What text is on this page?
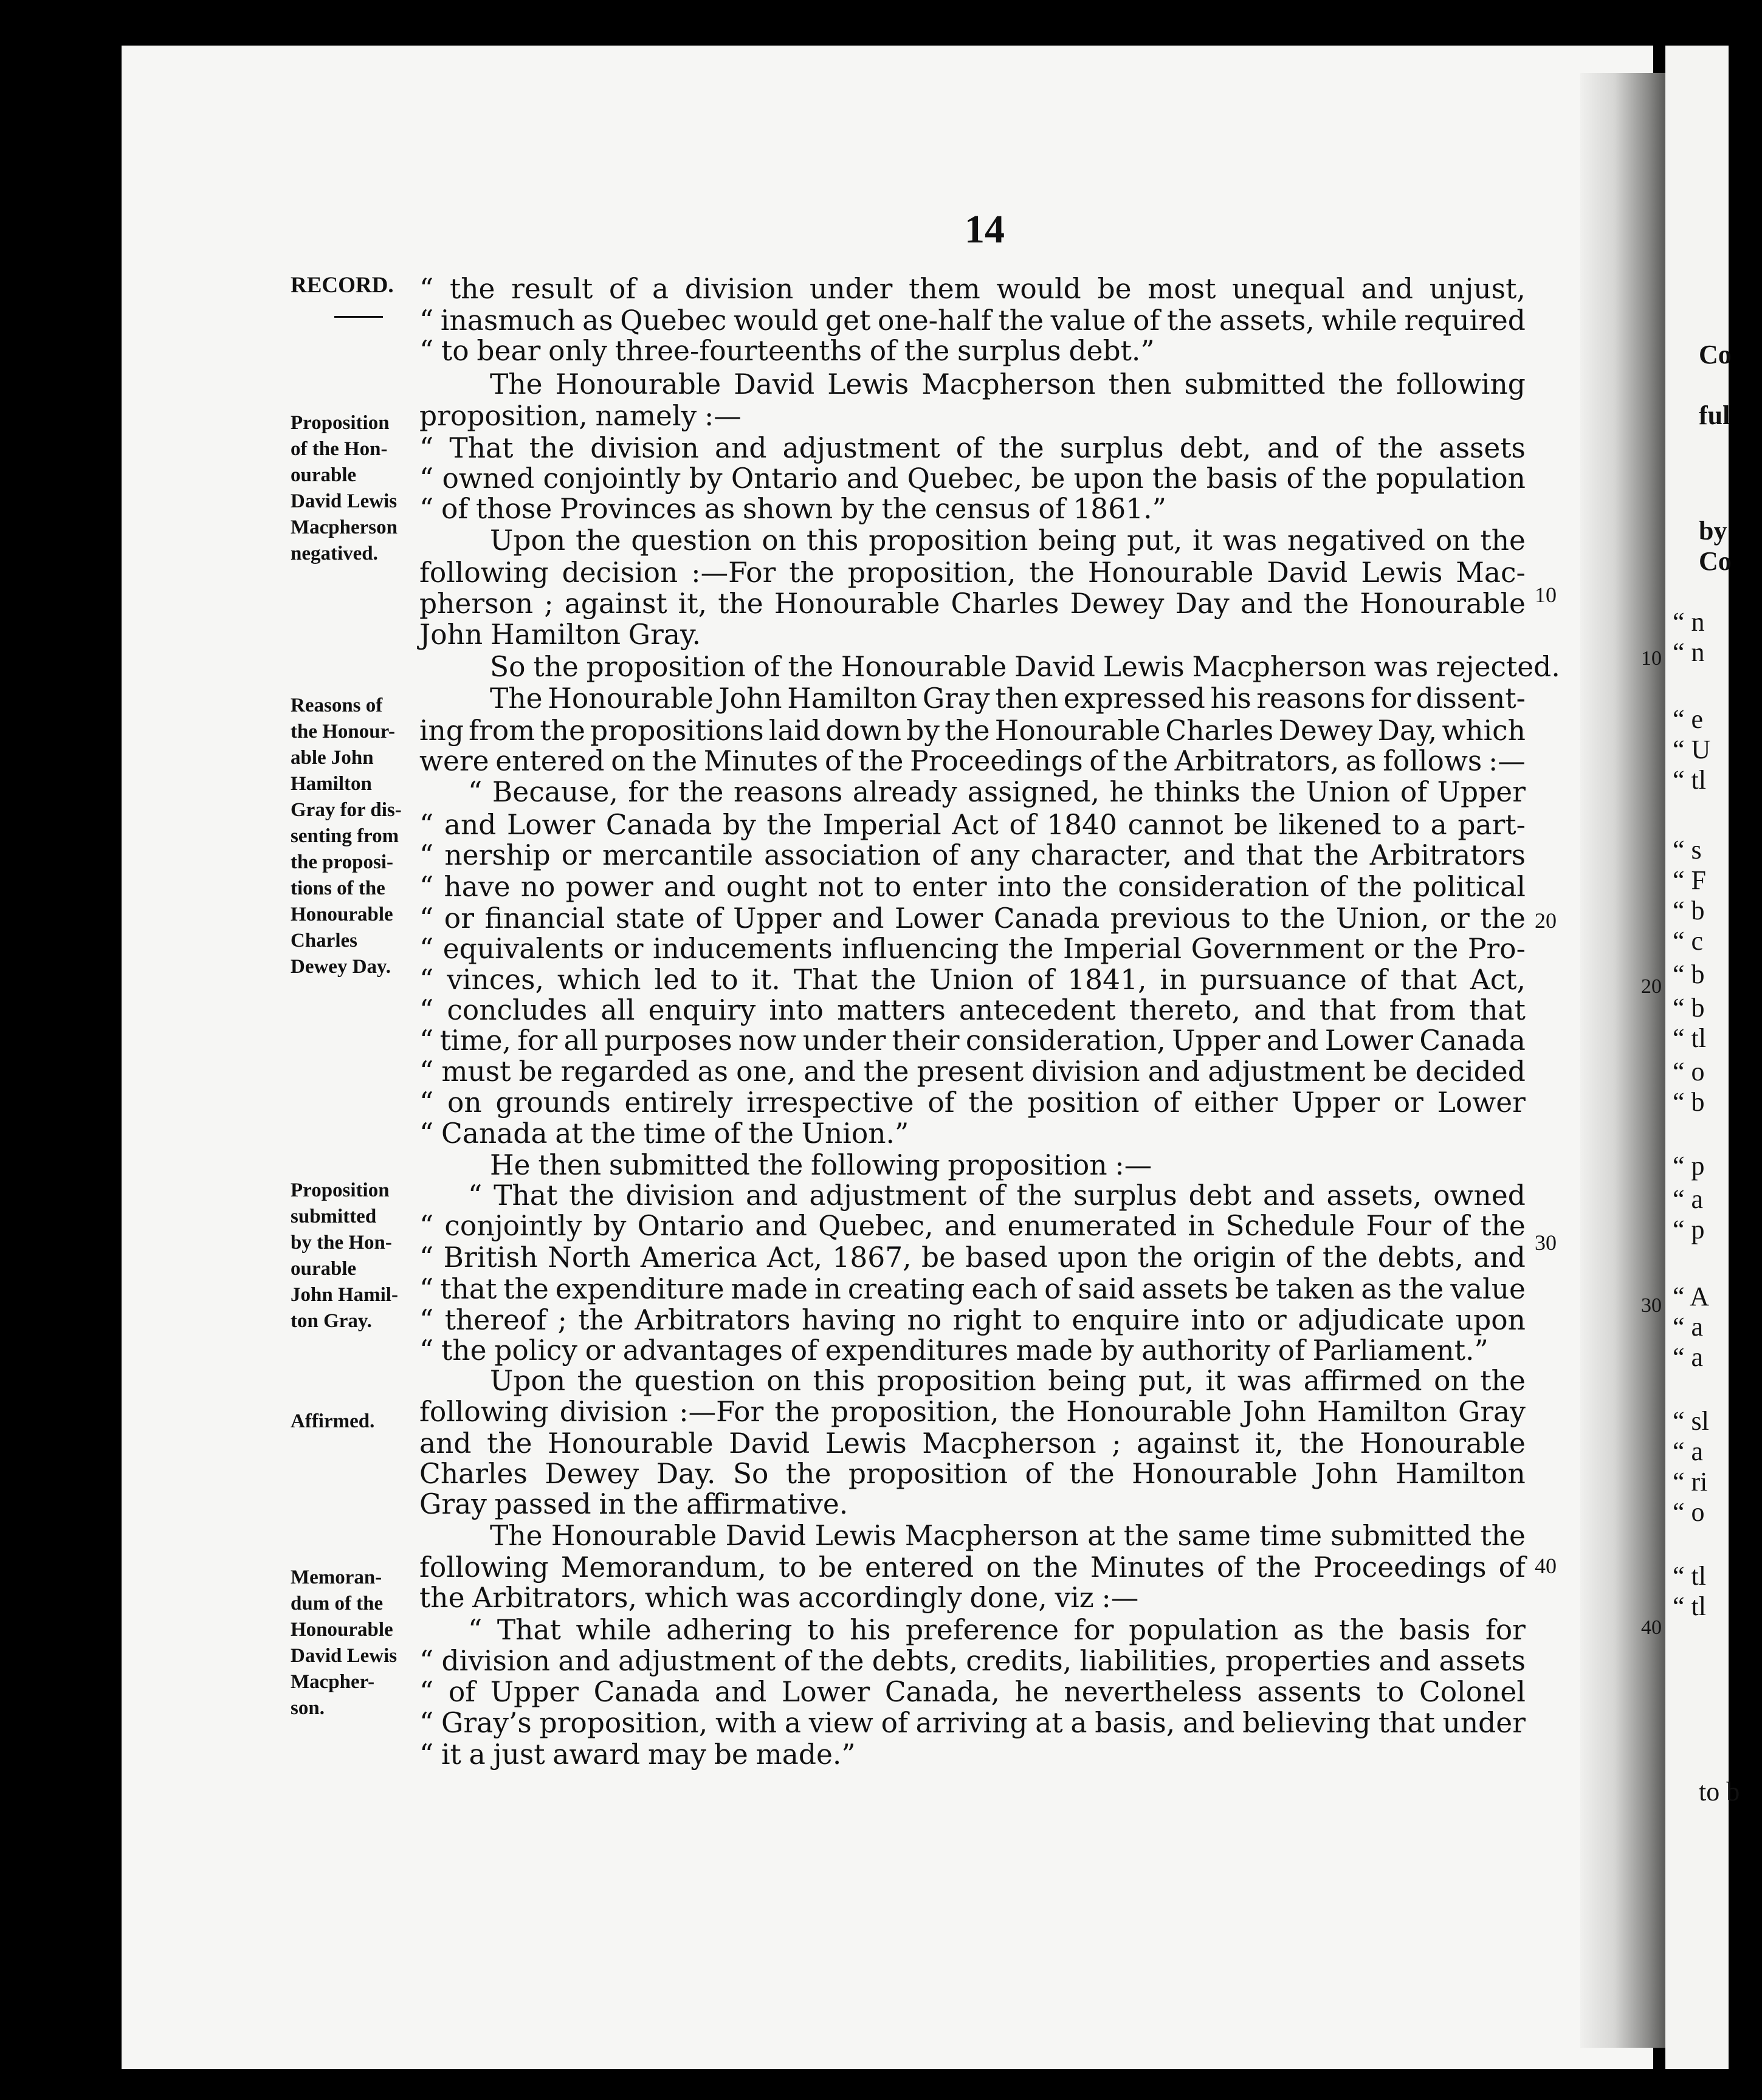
Co
ful
by
Co
“ n
“ n
“ e
“ U
“ tl
“ s
“ F
“ b
“ c
“ b
“ b
“ tl
“ o
“ b
“ p
“ a
“ p
“ A
“ a
“ a
“ sl
“ a
“ ri
“ o
“ tl
“ tl
to b
10
20
30
40
14
RECORD.
Proposition
of the Hon-
ourable
David Lewis
Macpherson
negatived.
Reasons of
the Honour-
able John
Hamilton
Gray for dis-
senting from
the proposi-
tions of the
Honourable
Charles
Dewey Day.
Proposition
submitted
by the Hon-
ourable
John Hamil-
ton Gray.
Affirmed.
Memoran-
dum of the
Honourable
David Lewis
Macpher-
son.
“ the result of a division under them would be most unequal and unjust,
“ inasmuch as Quebec would get one-half the value of the assets, while required
“ to bear only three-fourteenths of the surplus debt.”
The Honourable David Lewis Macpherson then submitted the following
proposition, namely :—
“ That the division and adjustment of the surplus debt, and of the assets
“ owned conjointly by Ontario and Quebec, be upon the basis of the population
“ of those Provinces as shown by the census of 1861.”
Upon the question on this proposition being put, it was negatived on the
following decision :—For the proposition, the Honourable David Lewis Mac-
pherson ; against it, the Honourable Charles Dewey Day and the Honourable
John Hamilton Gray.
So the proposition of the Honourable David Lewis Macpherson was rejected.
The Honourable John Hamilton Gray then expressed his reasons for dissent-
ing from the propositions laid down by the Honourable Charles Dewey Day, which
were entered on the Minutes of the Proceedings of the Arbitrators, as follows :—
“ Because, for the reasons already assigned, he thinks the Union of Upper
“ and Lower Canada by the Imperial Act of 1840 cannot be likened to a part-
“ nership or mercantile association of any character, and that the Arbitrators
“ have no power and ought not to enter into the consideration of the political
“ or financial state of Upper and Lower Canada previous to the Union, or the
“ equivalents or inducements influencing the Imperial Government or the Pro-
“ vinces, which led to it. That the Union of 1841, in pursuance of that Act,
“ concludes all enquiry into matters antecedent thereto, and that from that
“ time, for all purposes now under their consideration, Upper and Lower Canada
“ must be regarded as one, and the present division and adjustment be decided
“ on grounds entirely irrespective of the position of either Upper or Lower
“ Canada at the time of the Union.”
He then submitted the following proposition :—
“ That the division and adjustment of the surplus debt and assets, owned
“ conjointly by Ontario and Quebec, and enumerated in Schedule Four of the
“ British North America Act, 1867, be based upon the origin of the debts, and
“ that the expenditure made in creating each of said assets be taken as the value
“ thereof ; the Arbitrators having no right to enquire into or adjudicate upon
“ the policy or advantages of expenditures made by authority of Parliament.”
Upon the question on this proposition being put, it was affirmed on the
following division :—For the proposition, the Honourable John Hamilton Gray
and the Honourable David Lewis Macpherson ; against it, the Honourable
Charles Dewey Day. So the proposition of the Honourable John Hamilton
Gray passed in the affirmative.
The Honourable David Lewis Macpherson at the same time submitted the
following Memorandum, to be entered on the Minutes of the Proceedings of
the Arbitrators, which was accordingly done, viz :—
“ That while adhering to his preference for population as the basis for
“ division and adjustment of the debts, credits, liabilities, properties and assets
“ of Upper Canada and Lower Canada, he nevertheless assents to Colonel
“ Gray’s proposition, with a view of arriving at a basis, and believing that under
“ it a just award may be made.”
10
20
30
40
